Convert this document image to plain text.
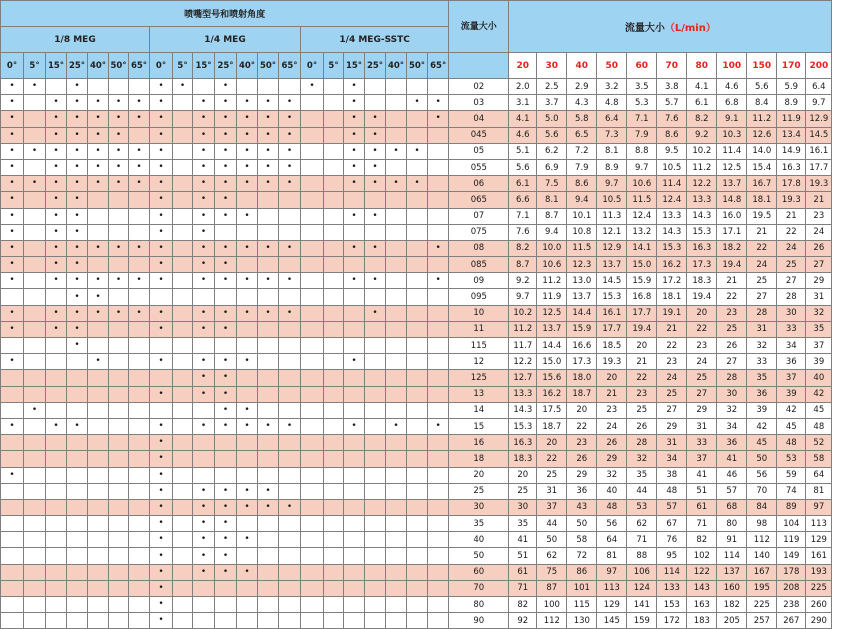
喷嘴型号和喷射角度																					流量大小	流量大小（L/min）										
1/8 MEG							1/4 MEG							1/4 MEG-SSTC																		
0°	5°	15°	25°	40°	50°	65°	0°	5°	15°	25°	40°	50°	65°	0°	5°	15°	25°	40°	50°	65°		20	30	40	50	60	70	80	100	150	170	200
•	•		•				•	•		•				•		•					02	2.0	2.5	2.9	3.2	3.5	3.8	4.1	4.6	5.6	5.9	6.4
•		•	•	•	•	•	•		•	•	•	•	•			•			•	•	03	3.1	3.7	4.3	4.8	5.3	5.7	6.1	6.8	8.4	8.9	9.7
•		•	•	•	•	•	•		•	•	•	•	•			•	•			•	04	4.1	5.0	5.8	6.4	7.1	7.6	8.2	9.1	11.2	11.9	12.9
•		•	•	•	•		•		•	•	•	•	•			•	•				045	4.6	5.6	6.5	7.3	7.9	8.6	9.2	10.3	12.6	13.4	14.5
•	•	•	•	•	•	•	•		•	•	•	•	•			•	•	•	•		05	5.1	6.2	7.2	8.1	8.8	9.5	10.2	11.4	14.0	14.9	16.1
•		•	•	•	•	•	•		•	•	•	•	•			•	•				055	5.6	6.9	7.9	8.9	9.7	10.5	11.2	12.5	15.4	16.3	17.7
•	•	•	•	•	•	•	•		•	•	•	•	•			•	•	•	•		06	6.1	7.5	8.6	9.7	10.6	11.4	12.2	13.7	16.7	17.8	19.3
•		•	•				•		•	•											065	6.6	8.1	9.4	10.5	11.5	12.4	13.3	14.8	18.1	19.3	21
•		•	•				•		•	•	•					•	•				07	7.1	8.7	10.1	11.3	12.4	13.3	14.3	16.0	19.5	21	23
•		•	•				•		•												075	7.6	9.4	10.8	12.1	13.2	14.3	15.3	17.1	21	22	24
•		•	•	•	•	•	•		•	•	•	•	•			•	•			•	08	8.2	10.0	11.5	12.9	14.1	15.3	16.3	18.2	22	24	26
•		•	•				•		•	•											085	8.7	10.6	12.3	13.7	15.0	16.2	17.3	19.4	24	25	27
•		•	•	•	•	•	•		•	•	•	•	•			•	•			•	09	9.2	11.2	13.0	14.5	15.9	17.2	18.3	21	25	27	29
			•	•																	095	9.7	11.9	13.7	15.3	16.8	18.1	19.4	22	27	28	31
•		•	•	•	•	•	•		•	•	•	•	•				•				10	10.2	12.5	14.4	16.1	17.7	19.1	20	23	28	30	32
•		•	•				•		•	•											11	11.2	13.7	15.9	17.7	19.4	21	22	25	31	33	35
			•																		115	11.7	14.4	16.6	18.5	20	22	23	26	32	34	37
•				•			•		•	•	•					•					12	12.2	15.0	17.3	19.3	21	23	24	27	33	36	39
									•	•											125	12.7	15.6	18.0	20	22	24	25	28	35	37	40
							•		•	•											13	13.3	16.2	18.7	21	23	25	27	30	36	39	42
	•									•	•										14	14.3	17.5	20	23	25	27	29	32	39	42	45
•		•	•				•		•	•	•	•	•			•		•		•	15	15.3	18.7	22	24	26	29	31	34	42	45	48
							•														16	16.3	20	23	26	28	31	33	36	45	48	52
							•														18	18.3	22	26	29	32	34	37	41	50	53	58
•							•														20	20	25	29	32	35	38	41	46	56	59	64
							•		•	•	•	•									25	25	31	36	40	44	48	51	57	70	74	81
							•		•	•	•	•	•								30	30	37	43	48	53	57	61	68	84	89	97
							•		•	•											35	35	44	50	56	62	67	71	80	98	104	113
							•		•	•	•										40	41	50	58	64	71	76	82	91	112	119	129
							•		•	•											50	51	62	72	81	88	95	102	114	140	149	161
							•		•	•	•										60	61	75	86	97	106	114	122	137	167	178	193
							•														70	71	87	101	113	124	133	143	160	195	208	225
							•														80	82	100	115	129	141	153	163	182	225	238	260
							•														90	92	112	130	145	159	172	183	205	257	267	290
